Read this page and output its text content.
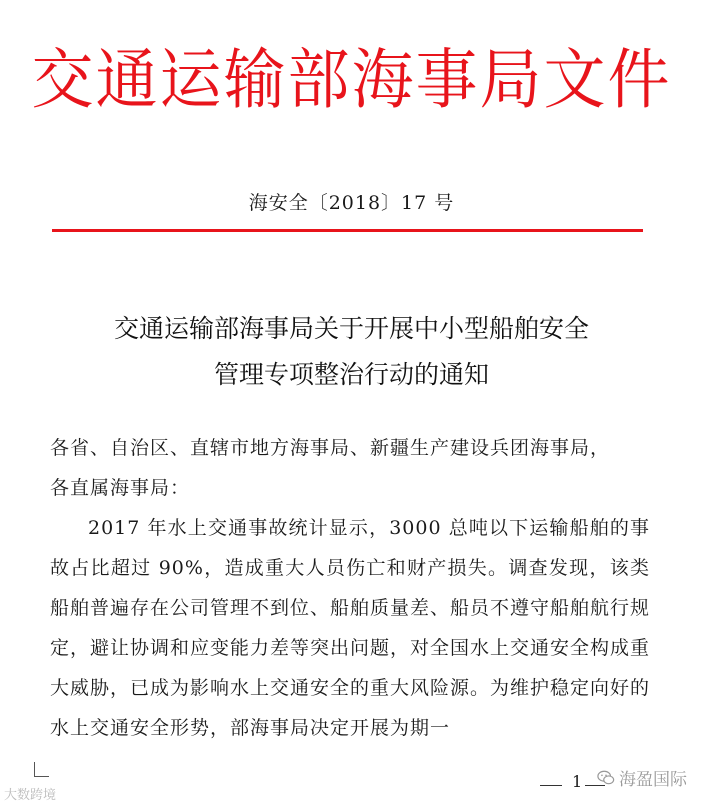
交通运输部海事局文件
海安全〔2018〕17 号
交通运输部海事局关于开展中小型船舶安全
管理专项整治行动的通知

各省、自治区、直辖市地方海事局、新疆生产建设兵团海事局，

各直属海事局：

2017 年水上交通事故统计显示，3000 总吨以下运输船舶的事故占比超过 90%，造成重大人员伤亡和财产损失。调查发现，该类船舶普遍存在公司管理不到位、船舶质量差、船员不遵守船舶航行规定，避让协调和应变能力差等突出问题，对全国水上交通安全构成重大威胁，已成为影响水上交通安全的重大风险源。为维护稳定向好的水上交通安全形势，部海事局决定开展为期一

1
大数跨境
海盈国际
